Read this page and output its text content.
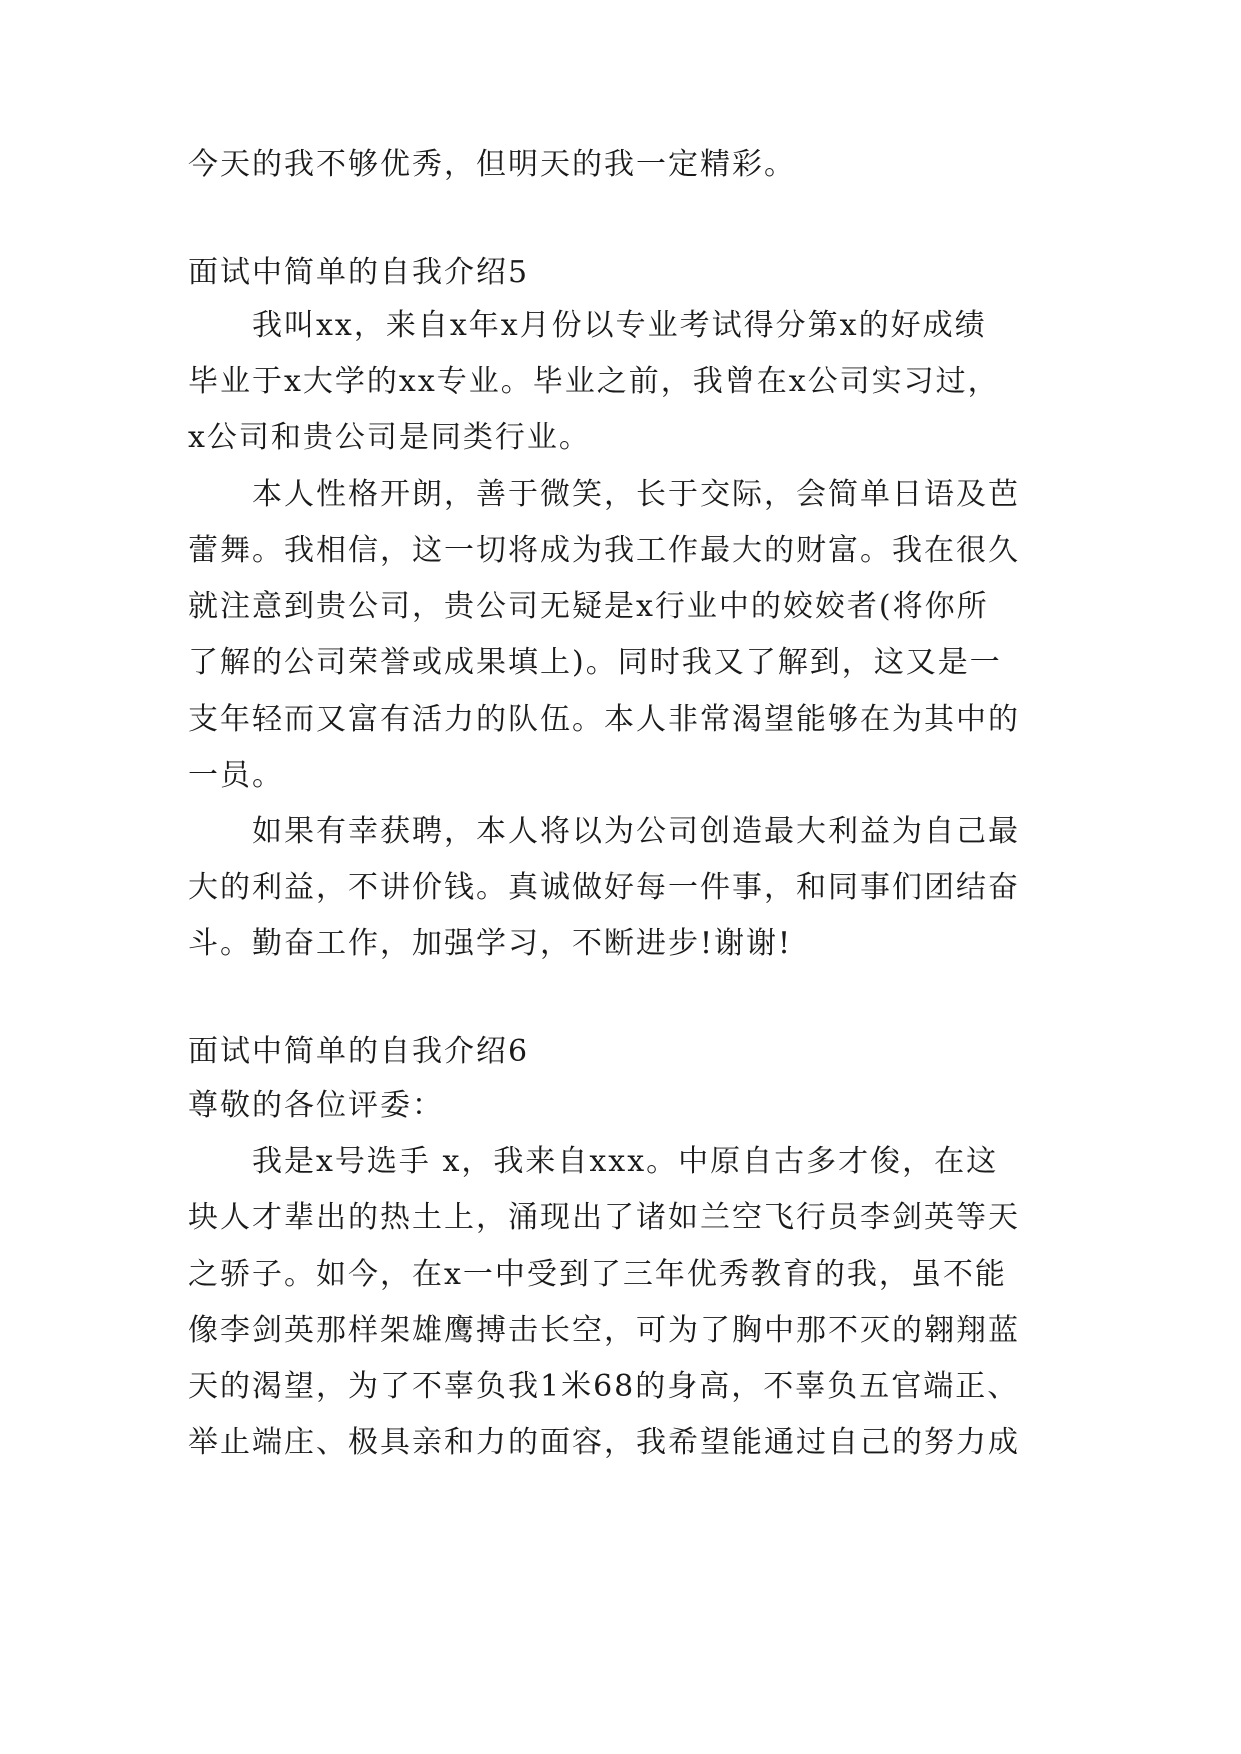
今天的我不够优秀，但明天的我一定精彩。
面试中简单的自我介绍5
　　我叫xx，来自x年x月份以专业考试得分第x的好成绩
毕业于x大学的xx专业。毕业之前，我曾在x公司实习过，
x公司和贵公司是同类行业。
　　本人性格开朗，善于微笑，长于交际，会简单日语及芭
蕾舞。我相信，这一切将成为我工作最大的财富。我在很久
就注意到贵公司，贵公司无疑是x行业中的姣姣者(将你所
了解的公司荣誉或成果填上)。同时我又了解到，这又是一
支年轻而又富有活力的队伍。本人非常渴望能够在为其中的
一员。
　　如果有幸获聘，本人将以为公司创造最大利益为自己最
大的利益，不讲价钱。真诚做好每一件事，和同事们团结奋
斗。勤奋工作，加强学习，不断进步!谢谢!
面试中简单的自我介绍6
尊敬的各位评委：
　　我是x号选手 x，我来自xxx。中原自古多才俊，在这
块人才辈出的热土上，涌现出了诸如兰空飞行员李剑英等天
之骄子。如今，在x一中受到了三年优秀教育的我，虽不能
像李剑英那样架雄鹰搏击长空，可为了胸中那不灭的翱翔蓝
天的渴望，为了不辜负我1米68的身高，不辜负五官端正、
举止端庄、极具亲和力的面容，我希望能通过自己的努力成
